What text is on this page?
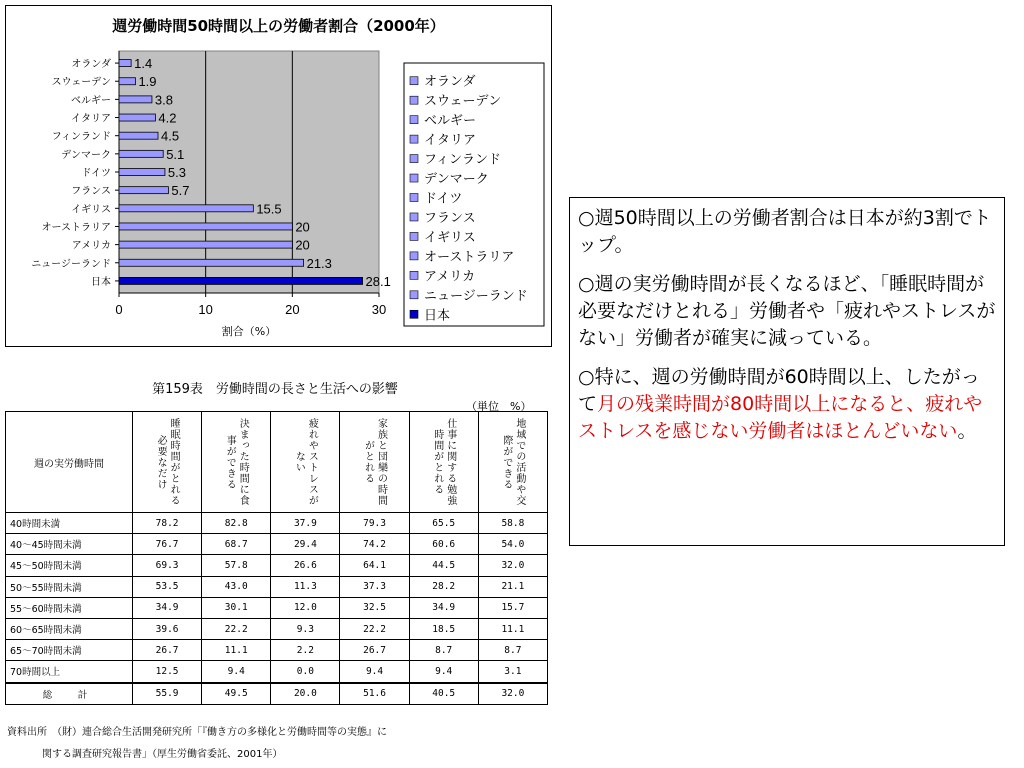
週労働時間50時間以上の労働者割合（2000年）
0	10	20	30
オランダ 1.4
スウェーデン 1.9
ベルギー	3.8
イタリア	4.2
フィンランド	4.5
デンマーク	5.1
ドイツ	5.3
フランス	5.7
イギリス	15.5
オーストラリア	20
アメリカ	20
ニュージーランド	21.3
日本	28.1
割合（%）
オランダ
スウェーデン
ベルギー
イタリア
フィンランド
デンマーク
ドイツ
フランス
イギリス
オーストラリア
アメリカ
ニュージーランド
日本
第159表　労働時間の長さと生活への影響
（単位　%）
週の実労働時間	睡眠時間がとれる必要なだけ	決まった時間に食事ができる	疲れやストレスがない	家族と団欒の時間がとれる	仕事に関する勉強時間がとれる	地域での活動や交際ができる

40時間未満	78.2	82.8	37.9	79.3	65.5	58.8
40～45時間未満	76.7	68.7	29.4	74.2	60.6	54.0
45～50時間未満	69.3	57.8	26.6	64.1	44.5	32.0
50～55時間未満	53.5	43.0	11.3	37.3	28.2	21.1
55～60時間未満	34.9	30.1	12.0	32.5	34.9	15.7
60～65時間未満	39.6	22.2	9.3	22.2	18.5	11.1
65～70時間未満	26.7	11.1	2.2	26.7	8.7	8.7
70時間以上	12.5	9.4	0.0	9.4	9.4	3.1
総　計	55.9	49.5	20.0	51.6	40.5	32.0
資料出所　（財）連合総合生活開発研究所「『働き方の多様化と労働時間等の実態』に
関する調査研究報告書」（厚生労働省委託、2001年）

○週50時間以上の労働者割合は日本が約3割でトップ。

○週の実労働時間が長くなるほど、「睡眠時間が必要なだけとれる」労働者や「疲れやストレスがない」労働者が確実に減っている。

○特に、週の労働時間が60時間以上、したがって月の残業時間が80時間以上になると、疲れやストレスを感じない労働者はほとんどいない。
